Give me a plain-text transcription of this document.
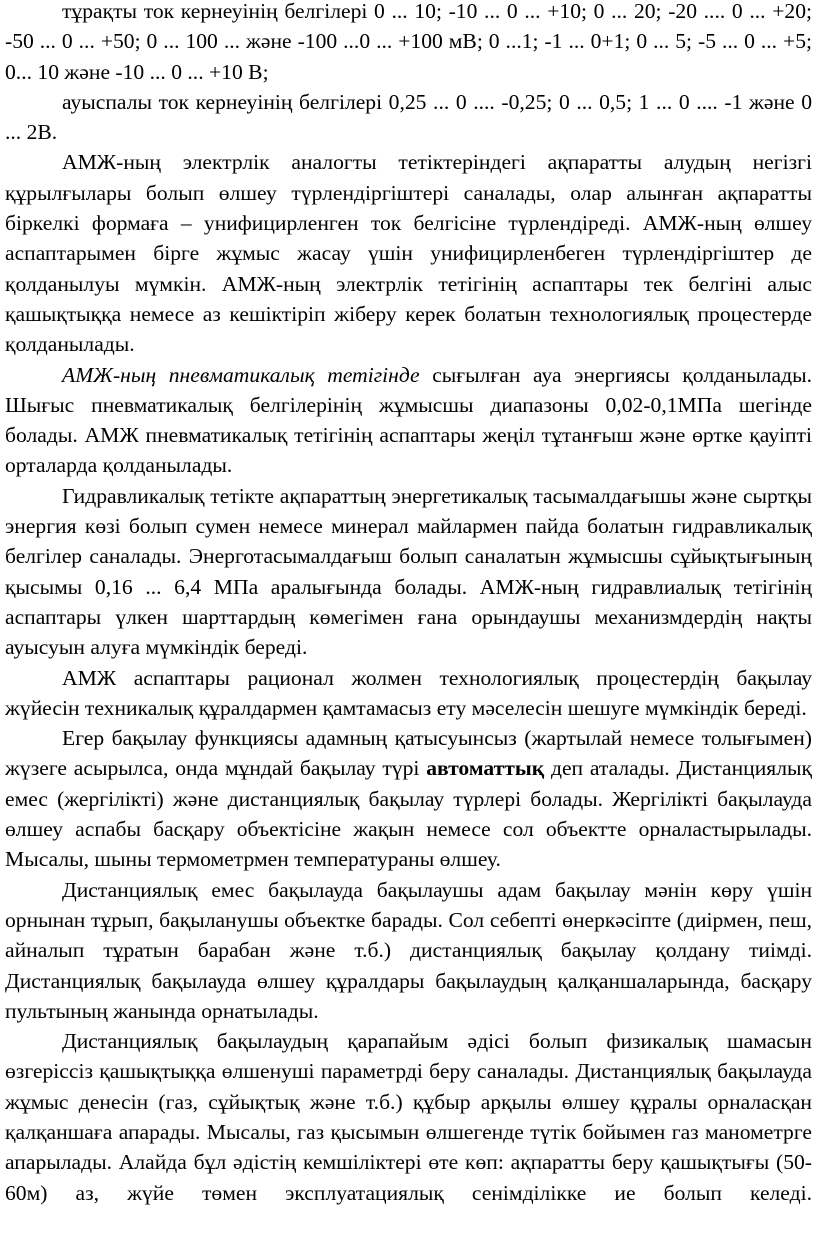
тұрақты ток кернеуінің белгілері 0 ... 10; -10 ... 0 ... +10; 0 ... 20; -20 .... 0 ... +20; -50 ... 0 ... +50; 0 ... 100 ... және -100 ...0 ... +100 мВ; 0 ...1; -1 ... 0+1; 0 ... 5; -5 ... 0 ... +5; 0... 10 және -10 ... 0 ... +10 В;

ауыспалы ток кернеуінің белгілері 0,25 ... 0 .... -0,25; 0 ... 0,5; 1 ... 0 .... -1 және 0 ... 2В.

АМЖ-ның электрлік аналогты тетіктеріндегі ақпаратты алудың негізгі құрылғылары болып өлшеу түрлендіргіштері саналады, олар алынған ақпаратты біркелкі формаға – унифицирленген ток белгісіне түрлендіреді. АМЖ-ның өлшеу аспаптарымен бірге жұмыс жасау үшін унифицирленбеген түрлендіргіштер де қолданылуы мүмкін. АМЖ-ның электрлік тетігінің аспаптары тек белгіні алыс қашықтыққа немесе аз кешіктіріп жіберу керек болатын технологиялық процестерде қолданылады.

АМЖ-ның пневматикалық тетігінде сығылған ауа энергиясы қолданылады. Шығыс пневматикалық белгілерінің жұмысшы диапазоны 0,02-0,1МПа шегінде болады. АМЖ пневматикалық тетігінің аспаптары жеңіл тұтанғыш және өртке қауіпті орталарда қолданылады.

Гидравликалық тетікте ақпараттың энергетикалық тасымалдағышы және сыртқы энергия көзі болып сумен немесе минерал майлармен пайда болатын гидравликалық белгілер саналады. Энерготасымалдағыш болып саналатын жұмысшы сұйықтығының қысымы 0,16 ... 6,4 МПа аралығында болады. АМЖ-ның гидравлиалық тетігінің аспаптары үлкен шарттардың көмегімен ғана орындаушы механизмдердің нақты ауысуын алуға мүмкіндік береді.

АМЖ аспаптары рационал жолмен технологиялық процестердің бақылау жүйесін техникалық құралдармен қамтамасыз ету мәселесін шешуге мүмкіндік береді.

Егер бақылау функциясы адамның қатысуынсыз (жартылай немесе толығымен) жүзеге асырылса, онда мұндай бақылау түрі автоматтық деп аталады. Дистанциялық емес (жергілікті) және дистанциялық бақылау түрлері болады. Жергілікті бақылауда өлшеу аспабы басқару объектісіне жақын немесе сол объектте орналастырылады. Мысалы, шыны термометрмен температураны өлшеу.

Дистанциялық емес бақылауда бақылаушы адам бақылау мәнін көру үшін орнынан тұрып, бақыланушы объектке барады. Сол себепті өнеркәсіпте (диірмен, пеш, айналып тұратын барабан және т.б.) дистанциялық бақылау қолдану тиімді. Дистанциялық бақылауда өлшеу құралдары бақылаудың қалқаншаларында, басқару пультының жанында орнатылады.

Дистанциялық бақылаудың қарапайым әдісі болып физикалық шамасын өзгеріссіз қашықтыққа өлшенуші параметрді беру саналады. Дистанциялық бақылауда жұмыс денесін (газ, сұйықтық және т.б.) құбыр арқылы өлшеу құралы орналасқан қалқаншаға апарады. Мысалы, газ қысымын өлшегенде түтік бойымен газ манометрге апарылады. Алайда бұл әдістің кемшіліктері өте көп: ақпаратты беру қашықтығы (50-60м) аз, жүйе төмен эксплуатациялық сенімділікке ие болып келеді.
